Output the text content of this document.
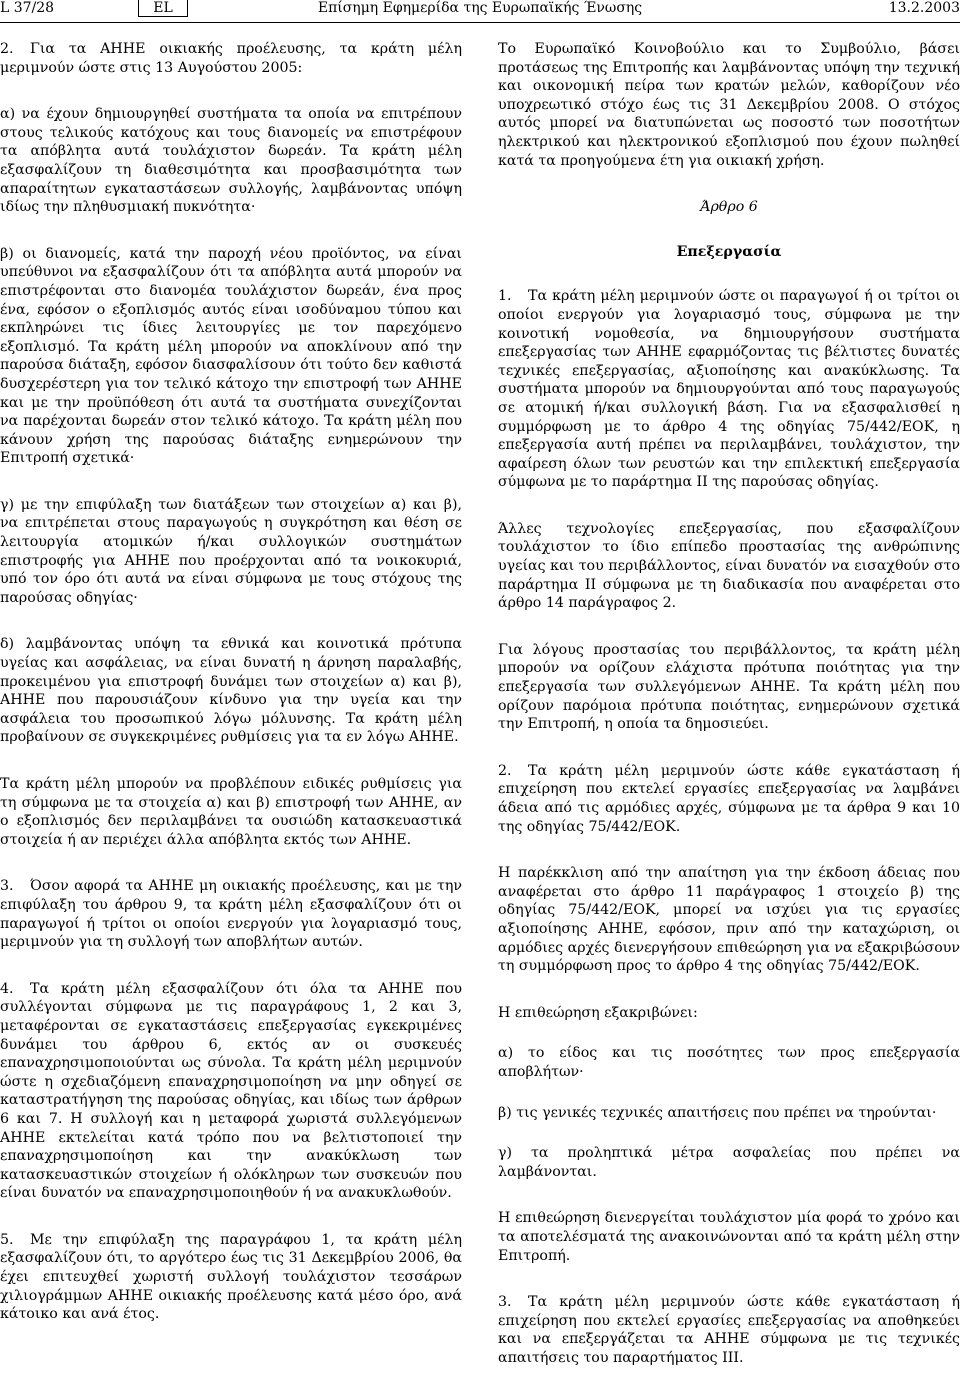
L 37/28	EL	Επίσημη Εφημερίδα της Ευρωπαϊκής Ένωσης	13.2.2003

2. Για τα ΑΗΗΕ οικιακής προέλευσης, τα κράτη μέλη μεριμνούν ώστε στις 13 Αυγούστου 2005:

α) να έχουν δημιουργηθεί συστήματα τα οποία να επιτρέπουν στους τελικούς κατόχους και τους διανομείς να επιστρέφουν τα απόβλητα αυτά τουλάχιστον δωρεάν. Τα κράτη μέλη εξασφαλίζουν τη διαθεσιμότητα και προσβασιμότητα των απαραίτητων εγκαταστάσεων συλλογής, λαμβάνοντας υπόψη ιδίως την πληθυσμιακή πυκνότητα·

β) οι διανομείς, κατά την παροχή νέου προϊόντος, να είναι υπεύθυνοι να εξασφαλίζουν ότι τα απόβλητα αυτά μπορούν να επιστρέφονται στο διανομέα τουλάχιστον δωρεάν, ένα προς ένα, εφόσον ο εξοπλισμός αυτός είναι ισοδύναμου τύπου και εκπληρώνει τις ίδιες λειτουργίες με τον παρεχόμενο εξοπλισμό. Τα κράτη μέλη μπορούν να αποκλίνουν από την παρούσα διάταξη, εφόσον διασφαλίσουν ότι τούτο δεν καθιστά δυσχερέστερη για τον τελικό κάτοχο την επιστροφή των ΑΗΗΕ και με την προϋπόθεση ότι αυτά τα συστήματα συνεχίζονται να παρέχονται δωρεάν στον τελικό κάτοχο. Τα κράτη μέλη που κάνουν χρήση της παρούσας διάταξης ενημερώνουν την Επιτροπή σχετικά·

γ) με την επιφύλαξη των διατάξεων των στοιχείων α) και β), να επιτρέπεται στους παραγωγούς η συγκρότηση και θέση σε λειτουργία ατομικών ή/και συλλογικών συστημάτων επιστροφής για ΑΗΗΕ που προέρχονται από τα νοικοκυριά, υπό τον όρο ότι αυτά να είναι σύμφωνα με τους στόχους της παρούσας οδηγίας·

δ) λαμβάνοντας υπόψη τα εθνικά και κοινοτικά πρότυπα υγείας και ασφάλειας, να είναι δυνατή η άρνηση παραλαβής, προκειμένου για επιστροφή δυνάμει των στοιχείων α) και β), ΑΗΗΕ που παρουσιάζουν κίνδυνο για την υγεία και την ασφάλεια του προσωπικού λόγω μόλυνσης. Τα κράτη μέλη προβαίνουν σε συγκεκριμένες ρυθμίσεις για τα εν λόγω ΑΗΗΕ.

Τα κράτη μέλη μπορούν να προβλέπουν ειδικές ρυθμίσεις για τη σύμφωνα με τα στοιχεία α) και β) επιστροφή των ΑΗΗΕ, αν ο εξοπλισμός δεν περιλαμβάνει τα ουσιώδη κατασκευαστικά στοιχεία ή αν περιέχει άλλα απόβλητα εκτός των ΑΗΗΕ.

3. Όσον αφορά τα ΑΗΗΕ μη οικιακής προέλευσης, και με την επιφύλαξη του άρθρου 9, τα κράτη μέλη εξασφαλίζουν ότι οι παραγωγοί ή τρίτοι οι οποίοι ενεργούν για λογαριασμό τους, μεριμνούν για τη συλλογή των αποβλήτων αυτών.

4. Τα κράτη μέλη εξασφαλίζουν ότι όλα τα ΑΗΗΕ που συλλέγονται σύμφωνα με τις παραγράφους 1, 2 και 3, μεταφέρονται σε εγκαταστάσεις επεξεργασίας εγκεκριμένες δυνάμει του άρθρου 6, εκτός αν οι συσκευές επαναχρησιμοποιούνται ως σύνολα. Τα κράτη μέλη μεριμνούν ώστε η σχεδιαζόμενη επαναχρησιμοποίηση να μην οδηγεί σε καταστρατήγηση της παρούσας οδηγίας, και ιδίως των άρθρων 6 και 7. Η συλλογή και η μεταφορά χωριστά συλλεγόμενων ΑΗΗΕ εκτελείται κατά τρόπο που να βελτιστοποιεί την επαναχρησιμοποίηση και την ανακύκλωση των κατασκευαστικών στοιχείων ή ολόκληρων των συσκευών που είναι δυνατόν να επαναχρησιμοποιηθούν ή να ανακυκλωθούν.

5. Με την επιφύλαξη της παραγράφου 1, τα κράτη μέλη εξασφαλίζουν ότι, το αργότερο έως τις 31 Δεκεμβρίου 2006, θα έχει επιτευχθεί χωριστή συλλογή τουλάχιστον τεσσάρων χιλιογράμμων ΑΗΗΕ οικιακής προέλευσης κατά μέσο όρο, ανά κάτοικο και ανά έτος.

Το Ευρωπαϊκό Κοινοβούλιο και το Συμβούλιο, βάσει προτάσεως της Επιτροπής και λαμβάνοντας υπόψη την τεχνική και οικονομική πείρα των κρατών μελών, καθορίζουν νέο υποχρεωτικό στόχο έως τις 31 Δεκεμβρίου 2008. Ο στόχος αυτός μπορεί να διατυπώνεται ως ποσοστό των ποσοτήτων ηλεκτρικού και ηλεκτρονικού εξοπλισμού που έχουν πωληθεί κατά τα προηγούμενα έτη για οικιακή χρήση.

Άρθρο 6
Επεξεργασία

1. Τα κράτη μέλη μεριμνούν ώστε οι παραγωγοί ή οι τρίτοι οι οποίοι ενεργούν για λογαριασμό τους, σύμφωνα με την κοινοτική νομοθεσία, να δημιουργήσουν συστήματα επεξεργασίας των ΑΗΗΕ εφαρμόζοντας τις βέλτιστες δυνατές τεχνικές επεξεργασίας, αξιοποίησης και ανακύκλωσης. Τα συστήματα μπορούν να δημιουργούνται από τους παραγωγούς σε ατομική ή/και συλλογική βάση. Για να εξασφαλισθεί η συμμόρφωση με το άρθρο 4 της οδηγίας 75/442/ΕΟΚ, η επεξεργασία αυτή πρέπει να περιλαμβάνει, τουλάχιστον, την αφαίρεση όλων των ρευστών και την επιλεκτική επεξεργασία σύμφωνα με το παράρτημα ΙΙ της παρούσας οδηγίας.

Άλλες τεχνολογίες επεξεργασίας, που εξασφαλίζουν τουλάχιστον το ίδιο επίπεδο προστασίας της ανθρώπινης υγείας και του περιβάλλοντος, είναι δυνατόν να εισαχθούν στο παράρτημα ΙΙ σύμφωνα με τη διαδικασία που αναφέρεται στο άρθρο 14 παράγραφος 2.

Για λόγους προστασίας του περιβάλλοντος, τα κράτη μέλη μπορούν να ορίζουν ελάχιστα πρότυπα ποιότητας για την επεξεργασία των συλλεγόμενων ΑΗΗΕ. Τα κράτη μέλη που ορίζουν παρόμοια πρότυπα ποιότητας, ενημερώνουν σχετικά την Επιτροπή, η οποία τα δημοσιεύει.

2. Τα κράτη μέλη μεριμνούν ώστε κάθε εγκατάσταση ή επιχείρηση που εκτελεί εργασίες επεξεργασίας να λαμβάνει άδεια από τις αρμόδιες αρχές, σύμφωνα με τα άρθρα 9 και 10 της οδηγίας 75/442/ΕΟΚ.

Η παρέκκλιση από την απαίτηση για την έκδοση άδειας που αναφέρεται στο άρθρο 11 παράγραφος 1 στοιχείο β) της οδηγίας 75/442/ΕΟΚ, μπορεί να ισχύει για τις εργασίες αξιοποίησης ΑΗΗΕ, εφόσον, πριν από την καταχώριση, οι αρμόδιες αρχές διενεργήσουν επιθεώρηση για να εξακριβώσουν τη συμμόρφωση προς το άρθρο 4 της οδηγίας 75/442/ΕΟΚ.

Η επιθεώρηση εξακριβώνει:

α) το είδος και τις ποσότητες των προς επεξεργασία αποβλήτων·

β) τις γενικές τεχνικές απαιτήσεις που πρέπει να τηρούνται·

γ) τα προληπτικά μέτρα ασφαλείας που πρέπει να λαμβάνονται.

Η επιθεώρηση διενεργείται τουλάχιστον μία φορά το χρόνο και τα αποτελέσματά της ανακοινώνονται από τα κράτη μέλη στην Επιτροπή.

3. Τα κράτη μέλη μεριμνούν ώστε κάθε εγκατάσταση ή επιχείρηση που εκτελεί εργασίες επεξεργασίας να αποθηκεύει και να επεξεργάζεται τα ΑΗΗΕ σύμφωνα με τις τεχνικές απαιτήσεις του παραρτήματος ΙΙΙ.
